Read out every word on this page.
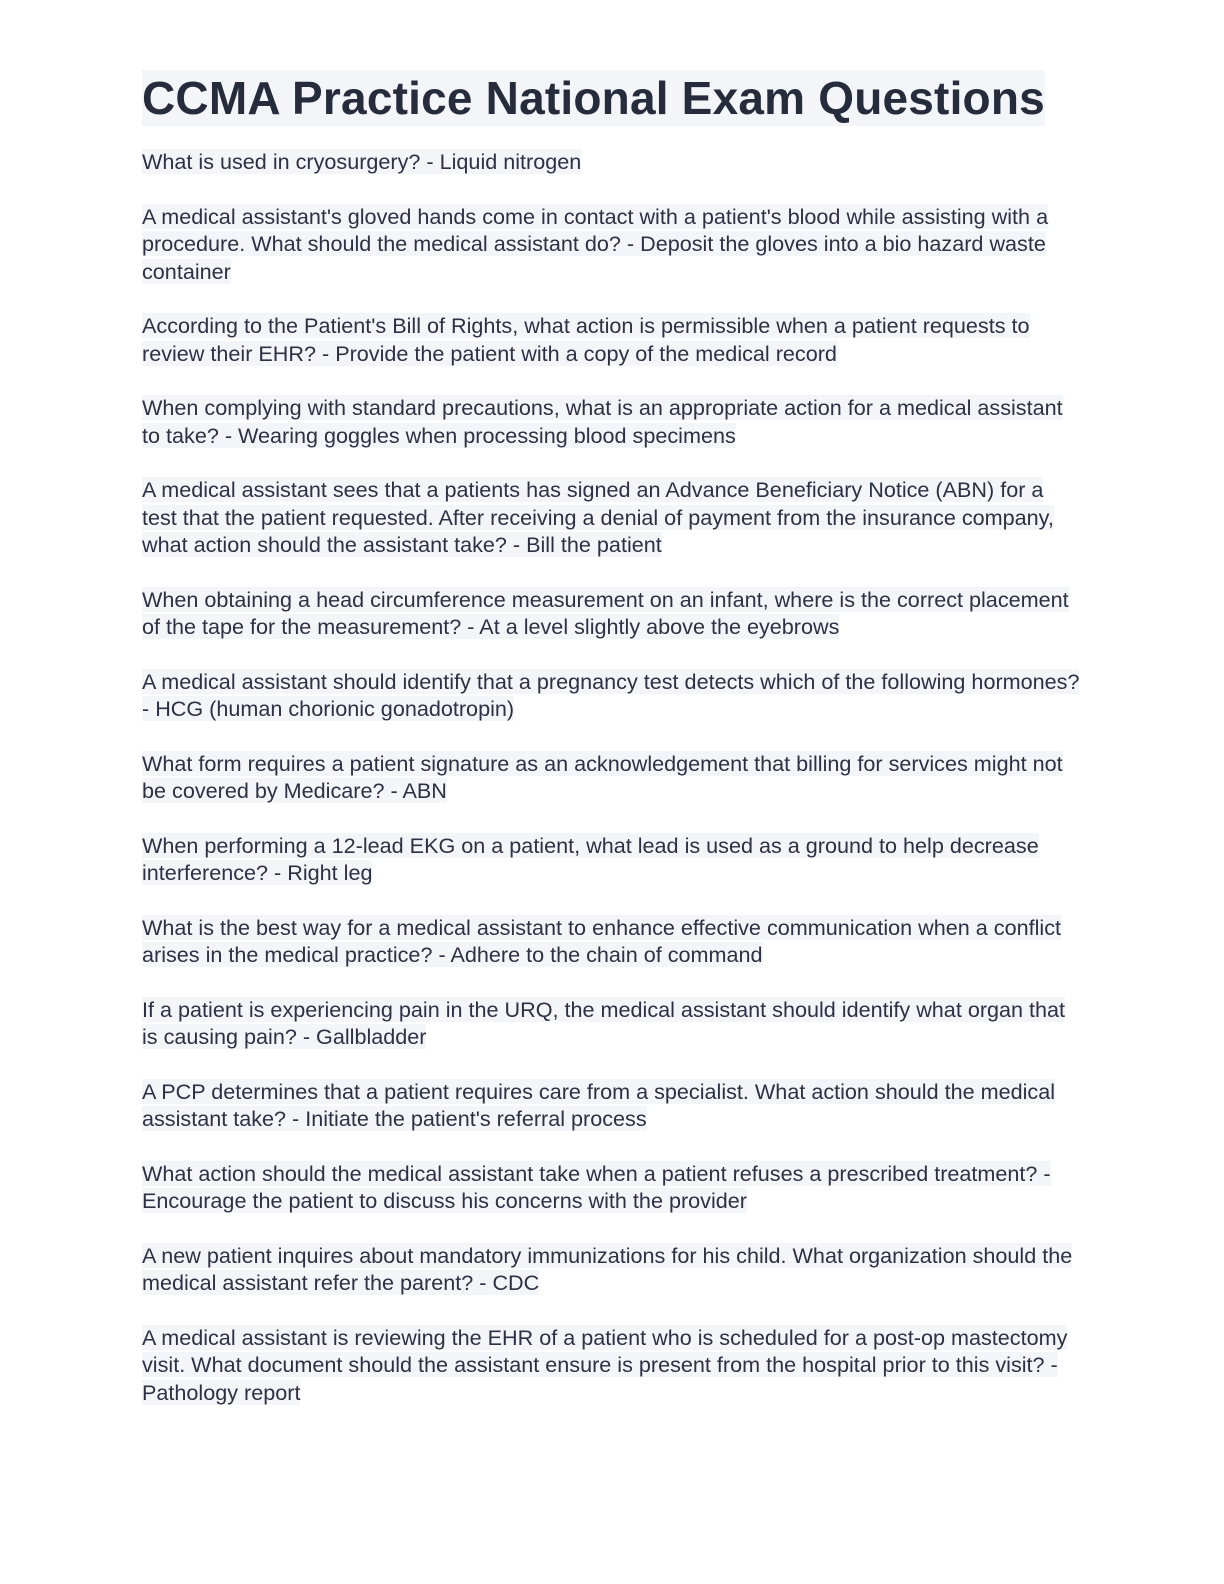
CCMA Practice National Exam Questions

What is used in cryosurgery? - Liquid nitrogen

A medical assistant's gloved hands come in contact with a patient's blood while assisting with a procedure. What should the medical assistant do? - Deposit the gloves into a bio hazard waste container

According to the Patient's Bill of Rights, what action is permissible when a patient requests to review their EHR? - Provide the patient with a copy of the medical record

When complying with standard precautions, what is an appropriate action for a medical assistant to take? - Wearing goggles when processing blood specimens

A medical assistant sees that a patients has signed an Advance Beneficiary Notice (ABN) for a test that the patient requested. After receiving a denial of payment from the insurance company, what action should the assistant take? - Bill the patient

When obtaining a head circumference measurement on an infant, where is the correct placement of the tape for the measurement? - At a level slightly above the eyebrows

A medical assistant should identify that a pregnancy test detects which of the following hormones? - HCG (human chorionic gonadotropin)

What form requires a patient signature as an acknowledgement that billing for services might not be covered by Medicare? - ABN

When performing a 12-lead EKG on a patient, what lead is used as a ground to help decrease interference? - Right leg

What is the best way for a medical assistant to enhance effective communication when a conflict arises in the medical practice? - Adhere to the chain of command

If a patient is experiencing pain in the URQ, the medical assistant should identify what organ that is causing pain? - Gallbladder

A PCP determines that a patient requires care from a specialist. What action should the medical assistant take? - Initiate the patient's referral process

What action should the medical assistant take when a patient refuses a prescribed treatment? - Encourage the patient to discuss his concerns with the provider

A new patient inquires about mandatory immunizations for his child. What organization should the medical assistant refer the parent? - CDC

A medical assistant is reviewing the EHR of a patient who is scheduled for a post-op mastectomy visit. What document should the assistant ensure is present from the hospital prior to this visit? - Pathology report
